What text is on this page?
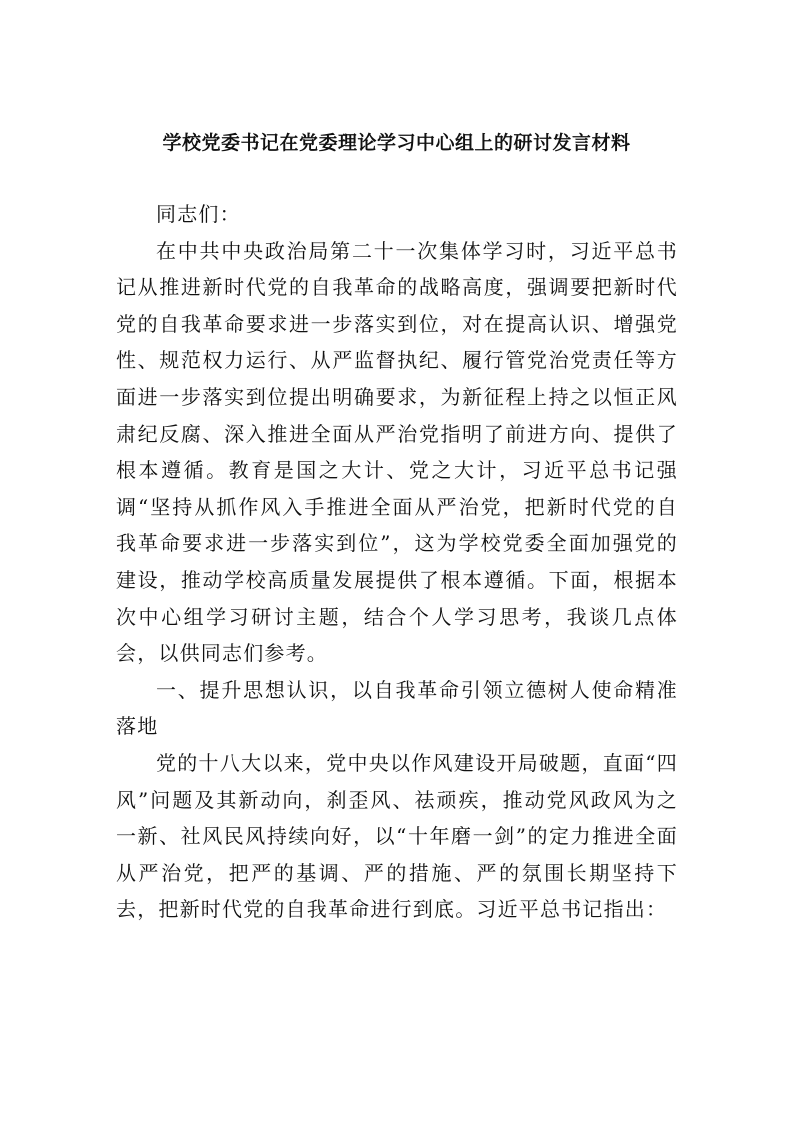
学校党委书记在党委理论学习中心组上的研讨发言材料

同志们：

在中共中央政治局第二十一次集体学习时，习近平总书记从推进新时代党的自我革命的战略高度，强调要把新时代党的自我革命要求进一步落实到位，对在提高认识、增强党性、规范权力运行、从严监督执纪、履行管党治党责任等方面进一步落实到位提出明确要求，为新征程上持之以恒正风肃纪反腐、深入推进全面从严治党指明了前进方向、提供了根本遵循。教育是国之大计、党之大计，习近平总书记强调“坚持从抓作风入手推进全面从严治党，把新时代党的自我革命要求进一步落实到位”，这为学校党委全面加强党的建设，推动学校高质量发展提供了根本遵循。下面，根据本次中心组学习研讨主题，结合个人学习思考，我谈几点体会，以供同志们参考。

一、提升思想认识，以自我革命引领立德树人使命精准落地

党的十八大以来，党中央以作风建设开局破题，直面“四风”问题及其新动向，刹歪风、祛顽疾，推动党风政风为之一新、社风民风持续向好，以“十年磨一剑”的定力推进全面从严治党，把严的基调、严的措施、严的氛围长期坚持下去，把新时代党的自我革命进行到底。习近平总书记指出：
